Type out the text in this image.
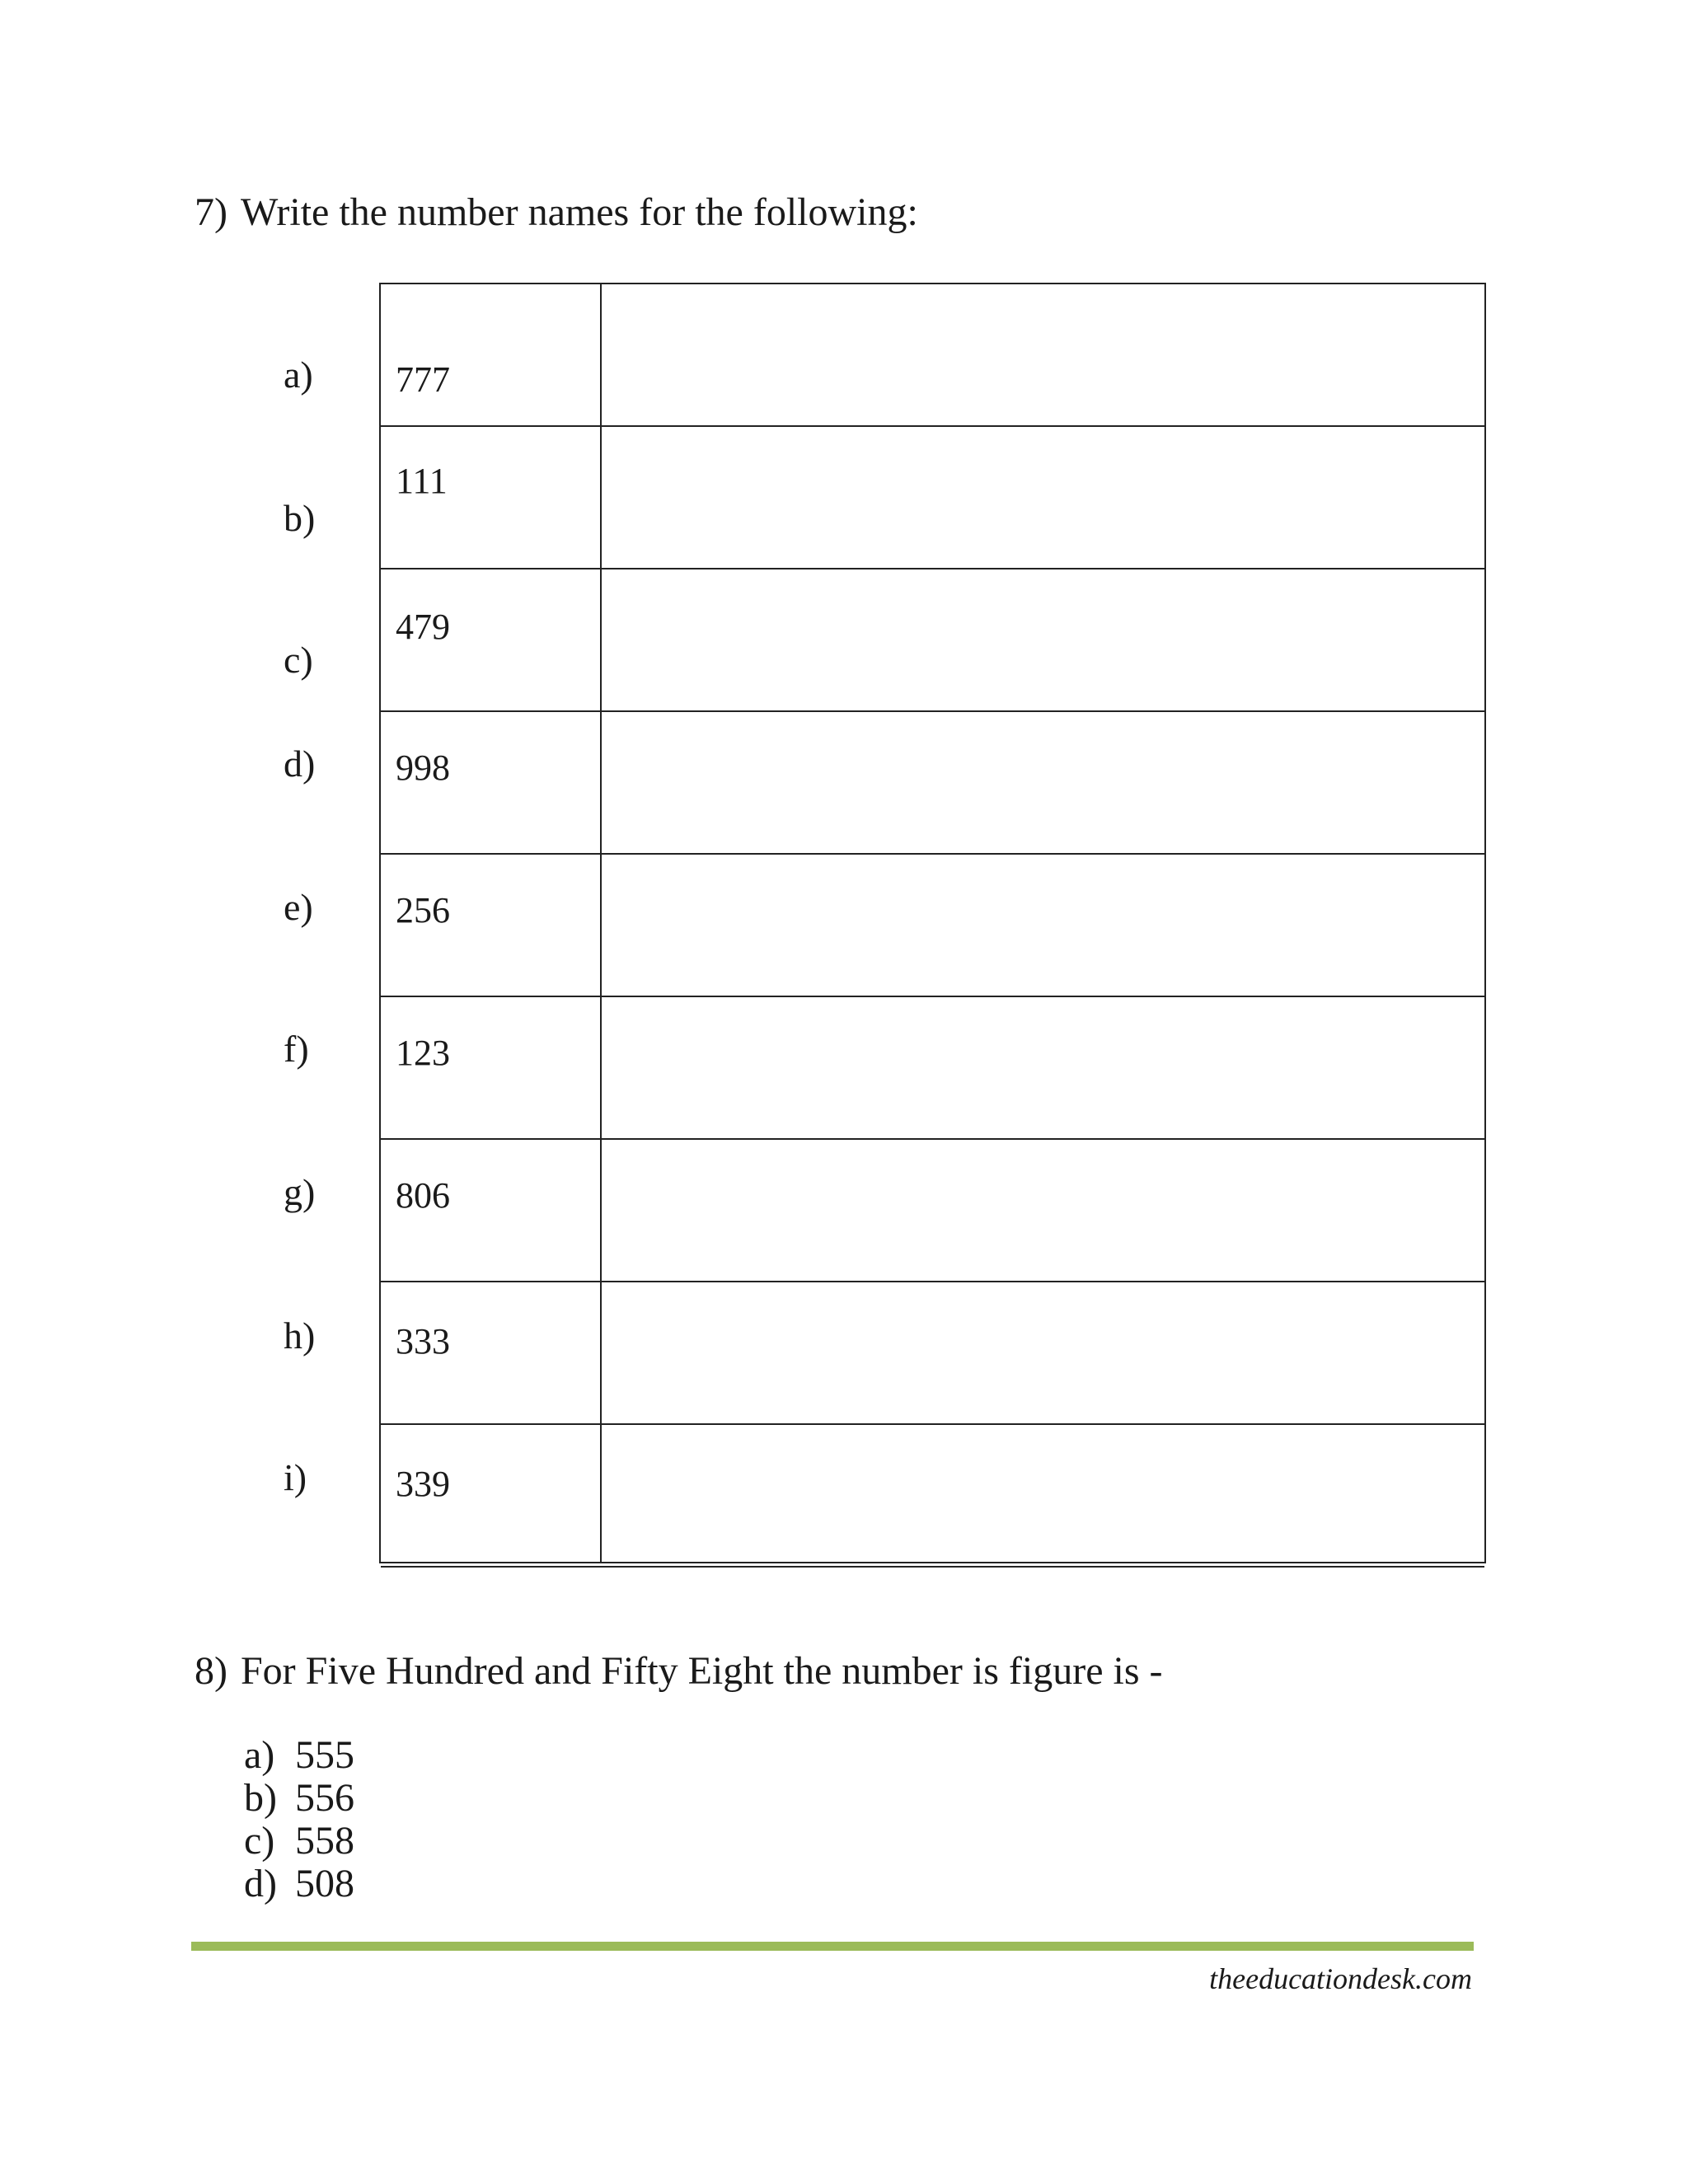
7) Write the number names for the following:
a)
b)
c)
d)
e)
f)
g)
h)
i)
777
111
479
998
256
123
806
333
339
8) For Five Hundred and Fifty Eight the number is figure is -
a) 555
b) 556
c) 558
d) 508
theeducationdesk.com
